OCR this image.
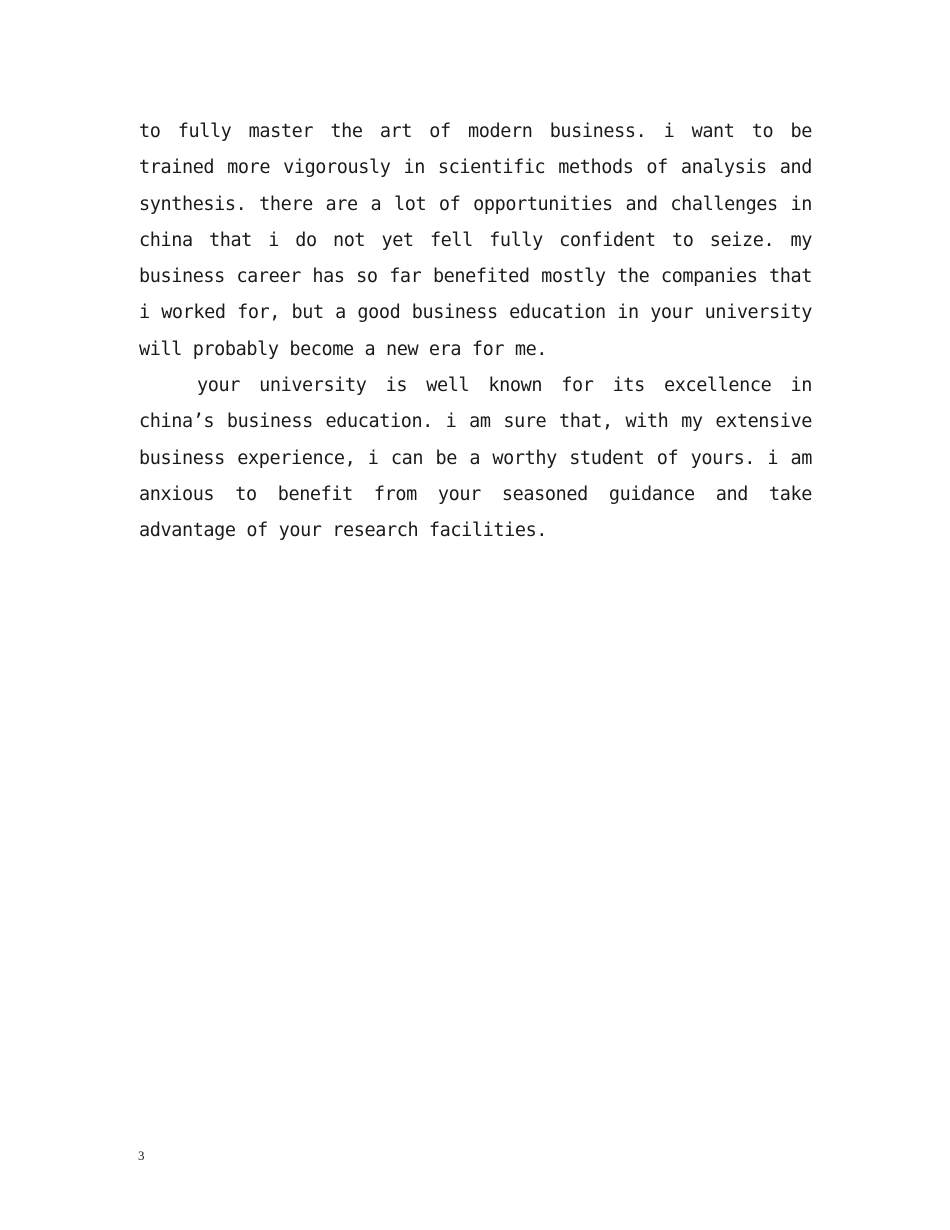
to fully master the art of modern business. i want to be trained more vigorously in scientific methods of analysis and synthesis. there are a lot of opportunities and challenges in china that i do not yet fell fully confident to seize. my business career has so far benefited mostly the companies that i worked for, but a good business education in your university will probably become a new era for me.

your university is well known for its excellence in china’s business education. i am sure that, with my extensive business experience, i can be a worthy student of yours. i am anxious to benefit from your seasoned guidance and take advantage of your research facilities.

3
